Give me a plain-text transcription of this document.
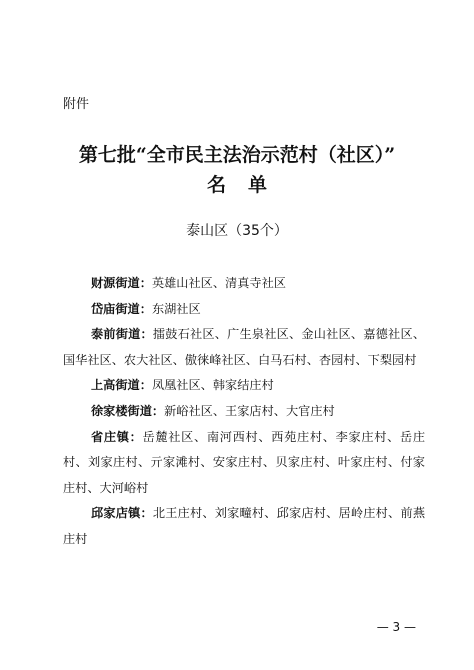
附件
第七批“全市民主法治示范村（社区）”
名单
泰山区（35个）
财源街道：英雄山社区、清真寺社区
岱庙街道：东湖社区
泰前街道：擂鼓石社区、广生泉社区、金山社区、嘉德社区、国华社区、农大社区、傲徕峰社区、白马石村、杏园村、下梨园村
上高街道：凤凰社区、韩家结庄村
徐家楼街道：新峪社区、王家店村、大官庄村
省庄镇：岳麓社区、南河西村、西苑庄村、李家庄村、岳庄村、刘家庄村、亓家滩村、安家庄村、贝家庄村、叶家庄村、付家庄村、大河峪村
邱家店镇：北王庄村、刘家疃村、邱家店村、居岭庄村、前燕庄村
— 3 —
